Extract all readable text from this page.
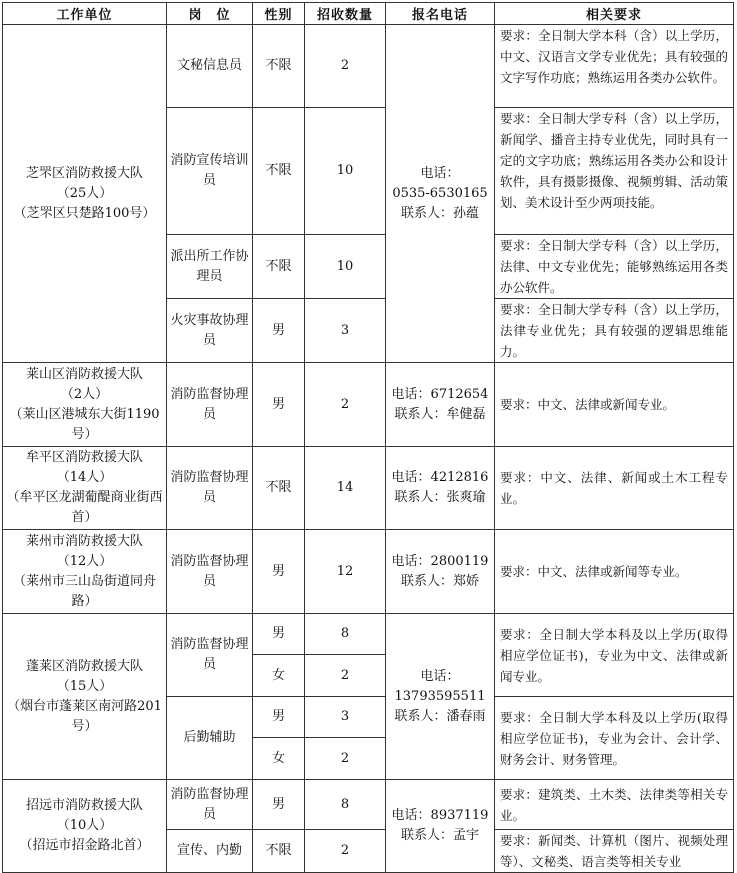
工作单位	岗　位	性别	招收数量	报名电话	相关要求
芝罘区消防救援大队
（25人）
（芝罘区只楚路100号）	文秘信息员	不限	2	电话：
0535-6530165
联系人：孙蕴	要求：全日制大学本科（含）以上学历，中文、汉语言文学专业优先；具有较强的文字写作功底；熟练运用各类办公软件。
	消防宣传培训员	不限	10		要求：全日制大学专科（含）以上学历，新闻学、播音主持专业优先，同时具有一定的文字功底；熟练运用各类办公和设计软件，具有摄影摄像、视频剪辑、活动策划、美术设计至少两项技能。
	派出所工作协理员	不限	10		要求：全日制大学专科（含）以上学历，法律、中文专业优先；能够熟练运用各类办公软件。
	火灾事故协理员	男	3		要求：全日制大学专科（含）以上学历，法律专业优先；具有较强的逻辑思维能力。
莱山区消防救援大队
（2人）
（莱山区港城东大街1190号）	消防监督协理员	男	2	电话：6712654
联系人：牟健磊	要求：中文、法律或新闻专业。
牟平区消防救援大队
（14人）
（牟平区龙湖葡醍商业街西首）	消防监督协理员	不限	14	电话：4212816
联系人：张爽瑜	要求：中文、法律、新闻或土木工程专业。
莱州市消防救援大队
（12人）
（莱州市三山岛街道同舟路）	消防监督协理员	男	12	电话：2800119
联系人：郑娇	要求：中文、法律或新闻等专业。
蓬莱区消防救援大队
（15人）
（烟台市蓬莱区南河路201号）	消防监督协理员	男	8	电话：
13793595511
联系人：潘春雨	要求：全日制大学本科及以上学历(取得相应学位证书)，专业为中文、法律或新闻专业。
		女	2		
	后勤辅助	男	3		要求：全日制大学本科及以上学历(取得相应学位证书)，专业为会计、会计学、财务会计、财务管理。
		女	2		
招远市消防救援大队
（10人）
（招远市招金路北首）	消防监督协理员	男	8	电话：8937119
联系人：孟宇	要求：建筑类、土木类、法律类等相关专业。
	宣传、内勤	不限	2		要求：新闻类、计算机（图片、视频处理等）、文秘类、语言类等相关专业
